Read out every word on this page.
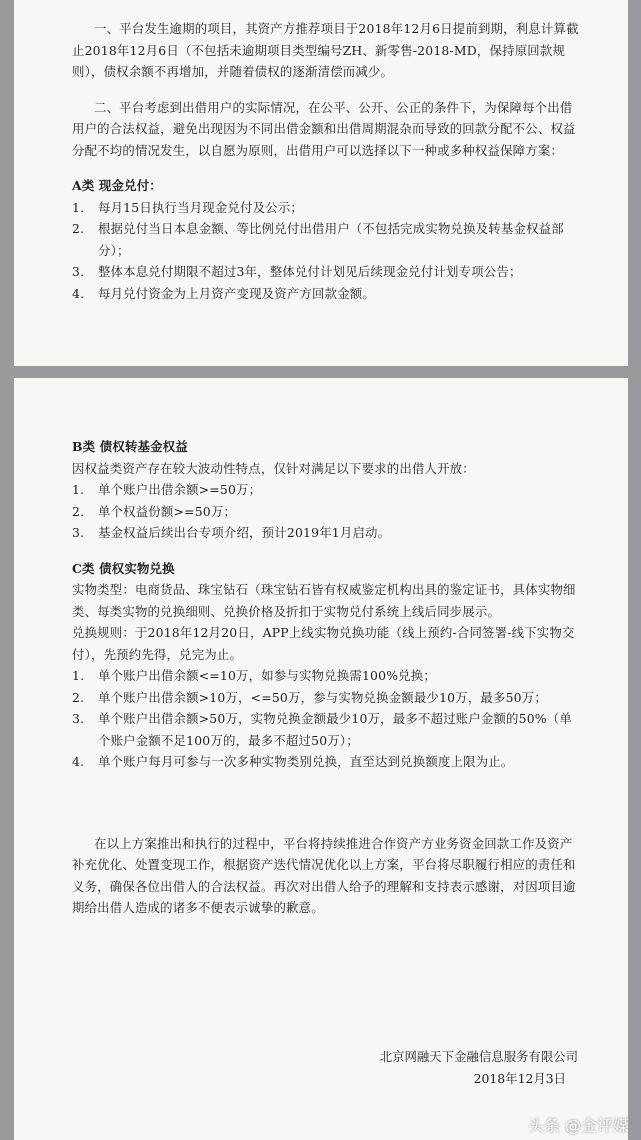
一、平台发生逾期的项目，其资产方推荐项目于2018年12月6日提前到期，利息计算截止2018年12月6日（不包括未逾期项目类型编号ZH、新零售-2018-MD，保持原回款规则），债权余额不再增加，并随着债权的逐渐清偿而减少。

二、平台考虑到出借用户的实际情况，在公平、公开、公正的条件下，为保障每个出借用户的合法权益，避免出现因为不同出借金额和出借周期混杂而导致的回款分配不公、权益分配不均的情况发生，以自愿为原则，出借用户可以选择以下一种或多种权益保障方案：

A类 现金兑付：

1. 每月15日执行当月现金兑付及公示；
2. 根据兑付当日本息金额、等比例兑付出借用户（不包括完成实物兑换及转基金权益部分）；
3. 整体本息兑付期限不超过3年，整体兑付计划见后续现金兑付计划专项公告；
4. 每月兑付资金为上月资产变现及资产方回款金额。

B类 债权转基金权益

因权益类资产存在较大波动性特点，仅针对满足以下要求的出借人开放：

1. 单个账户出借余额>=50万；
2. 单个权益份额>=50万；
3. 基金权益后续出台专项介绍，预计2019年1月启动。

C类 债权实物兑换

实物类型：电商货品、珠宝钻石（珠宝钻石皆有权威鉴定机构出具的鉴定证书，具体实物细类、每类实物的兑换细则、兑换价格及折扣于实物兑付系统上线后同步展示。

兑换规则：于2018年12月20日，APP上线实物兑换功能（线上预约-合同签署-线下实物交付），先预约先得，兑完为止。

1. 单个账户出借余额<=10万，如参与实物兑换需100%兑换；
2. 单个账户出借余额>10万，<=50万，参与实物兑换金额最少10万，最多50万；
3. 单个账户出借余额>50万，实物兑换金额最少10万，最多不超过账户金额的50%（单个账户金额不足100万的，最多不超过50万）；
4. 单个账户每月可参与一次多种实物类别兑换，直至达到兑换额度上限为止。

在以上方案推出和执行的过程中，平台将持续推进合作资产方业务资金回款工作及资产补充优化、处置变现工作，根据资产迭代情况优化以上方案，平台将尽职履行相应的责任和义务，确保各位出借人的合法权益。再次对出借人给予的理解和支持表示感谢，对因项目逾期给出借人造成的诸多不便表示诚挚的歉意。

北京网融天下金融信息服务有限公司
2018年12月3日
头条 @金评媒
